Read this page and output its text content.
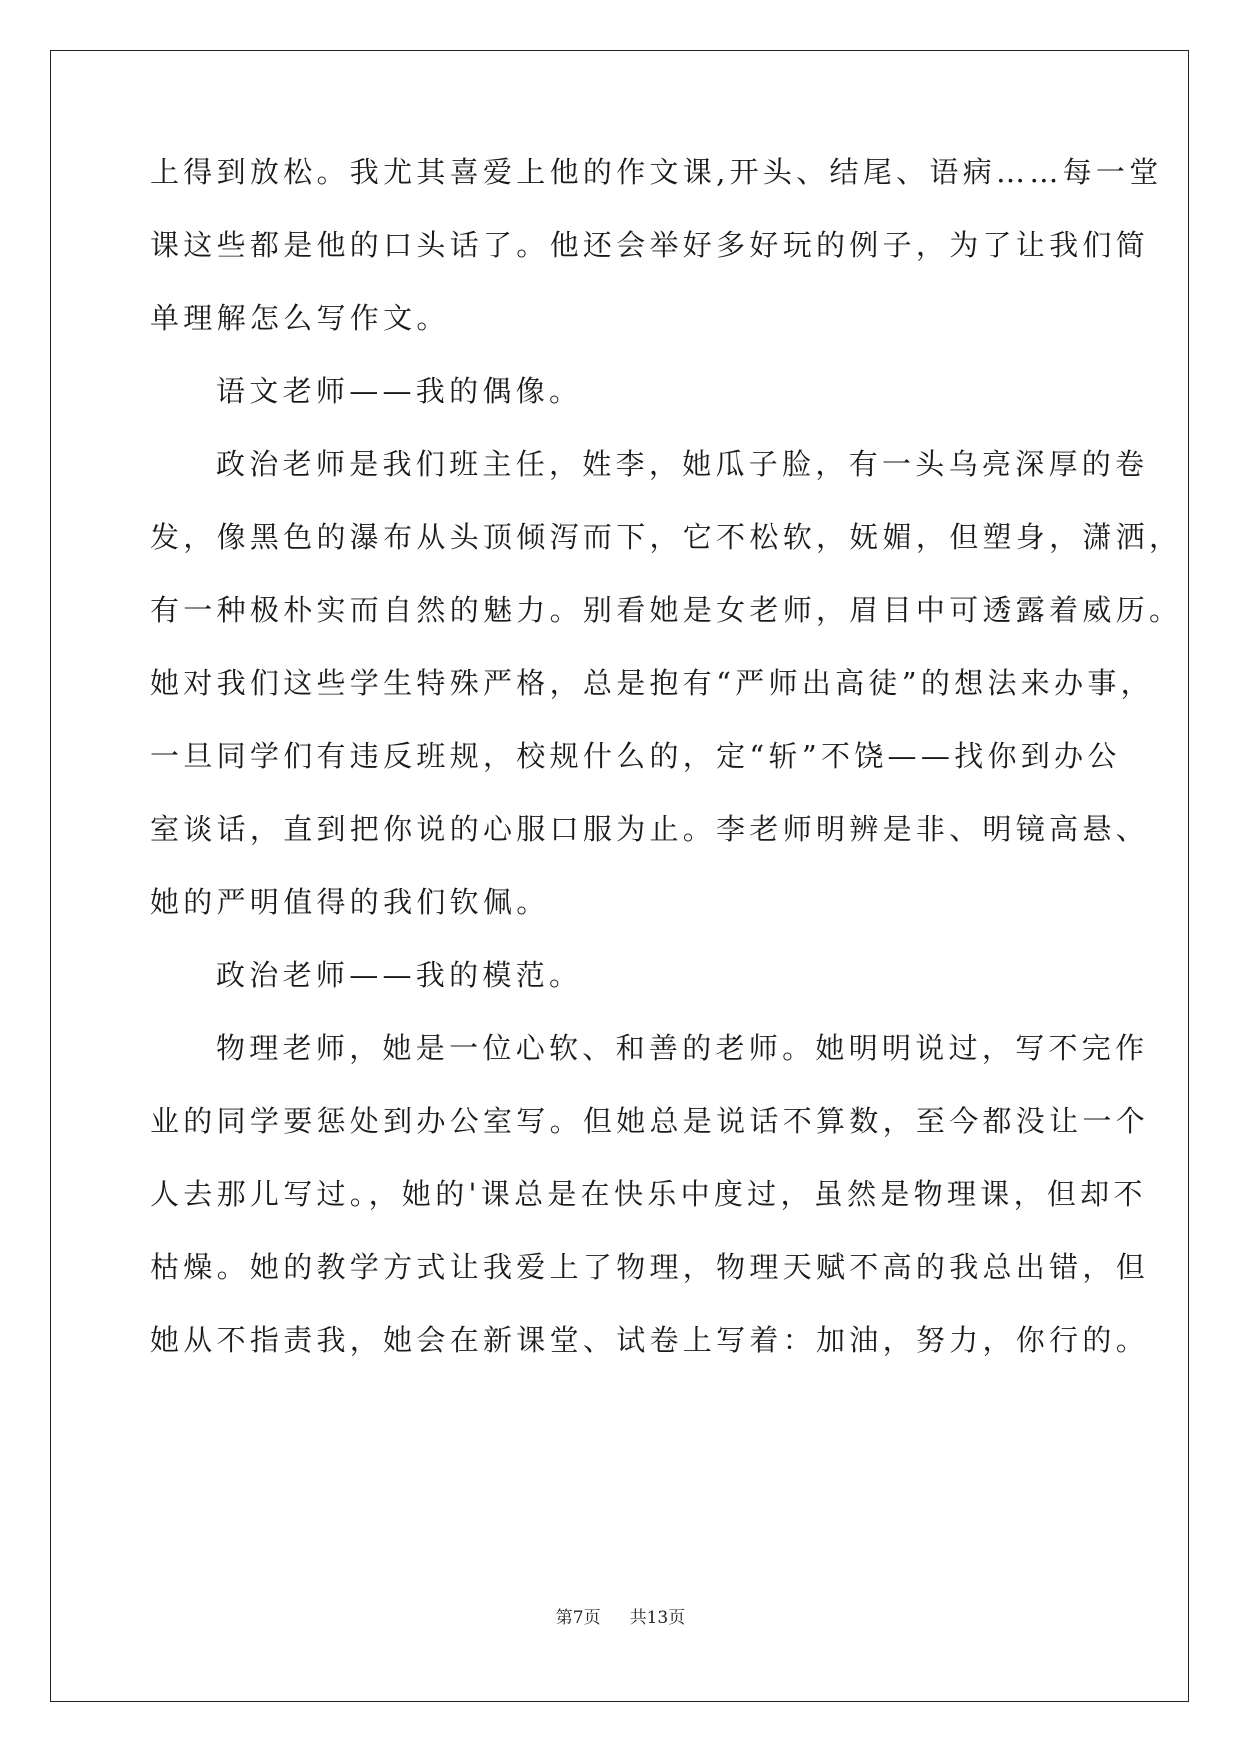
上得到放松。我尤其喜爱上他的作文课,开头、结尾、语病……每一堂
课这些都是他的口头话了。他还会举好多好玩的例子，为了让我们简
单理解怎么写作文。
语文老师——我的偶像。
政治老师是我们班主任，姓李，她瓜子脸，有一头乌亮深厚的卷
发，像黑色的瀑布从头顶倾泻而下，它不松软，妩媚，但塑身，潇洒，
有一种极朴实而自然的魅力。别看她是女老师，眉目中可透露着威历。
她对我们这些学生特殊严格，总是抱有“严师出高徒”的想法来办事，
一旦同学们有违反班规，校规什么的，定“斩”不饶——找你到办公
室谈话，直到把你说的心服口服为止。李老师明辨是非、明镜高悬、
她的严明值得的我们钦佩。
政治老师——我的模范。
物理老师，她是一位心软、和善的老师。她明明说过，写不完作
业的同学要惩处到办公室写。但她总是说话不算数，至今都没让一个
人去那儿写过。，她的'课总是在快乐中度过，虽然是物理课，但却不
枯燥。她的教学方式让我爱上了物理，物理天赋不高的我总出错，但
她从不指责我，她会在新课堂、试卷上写着：加油，努力，你行的。
第7页 共13页
